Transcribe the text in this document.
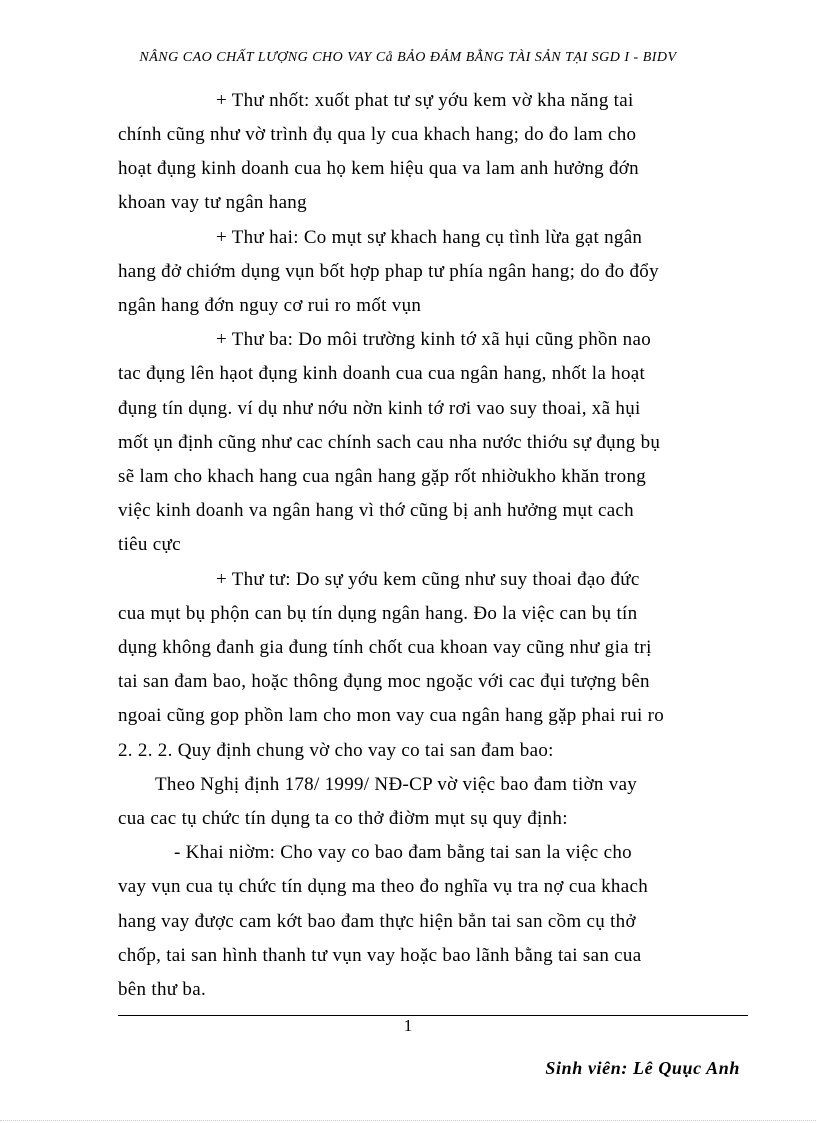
NÂNG CAO CHẤT LƯỢNG CHO VAY Cå BẢO ĐẢM BẰNG TÀI SẢN TẠI SGD I - BIDV
+ Thư nhốt: xuốt phat tư sự yớu kem vờ kha năng tai
chính cũng như vờ trình đụ qua ly cua khach hang; do đo lam cho
hoạt đụng kinh doanh cua họ kem hiệu qua va lam anh hưởng đớn
khoan vay tư ngân hang
+ Thư hai: Co mụt sự khach hang cụ tình lừa gạt ngân
hang đở chiớm dụng vụn bốt hợp phap tư phía ngân hang; do đo đổy
ngân hang đớn nguy cơ rui ro mốt vụn
+ Thư ba: Do môi trường kinh tớ xã hụi cũng phồn nao
tac đụng lên hạot đụng kinh doanh cua cua ngân hang, nhốt la hoạt
đụng tín dụng. ví dụ như nớu nờn kinh tớ rơi vao suy thoai, xã hụi
mốt ụn định cũng như cac chính sach cau nha nước thiớu sự đụng bụ
sẽ lam cho khach hang cua ngân hang gặp rốt nhiờukho khăn trong
việc kinh doanh va ngân hang vì thớ cũng bị anh hưởng mụt cach
tiêu cực
+ Thư tư: Do sự yớu kem cũng như suy thoai đạo đức
cua mụt bụ phộn can bụ tín dụng ngân hang. Đo la việc can bụ tín
dụng không đanh gia đung tính chốt cua khoan vay cũng như gia trị
tai san đam bao, hoặc thông đụng moc ngoặc với cac đụi tượng bên
ngoai cũng gop phồn lam cho mon vay cua ngân hang gặp phai rui ro
2. 2. 2. Quy định chung vờ cho vay co tai san đam bao:
Theo Nghị định 178/ 1999/ NĐ-CP vờ việc bao đam tiờn vay
cua cac tụ chức tín dụng ta co thở điờm mụt sụ quy định:
- Khai niờm: Cho vay co bao đam bằng tai san la việc cho
vay vụn cua tụ chức tín dụng ma theo đo nghĩa vụ tra nợ cua khach
hang vay được cam kớt bao đam thực hiện bẳn tai san cồm cụ thở
chốp, tai san hình thanh tư vụn vay hoặc bao lãnh bằng tai san cua
bên thư ba.
1
Sinh viên: Lê Quục Anh
